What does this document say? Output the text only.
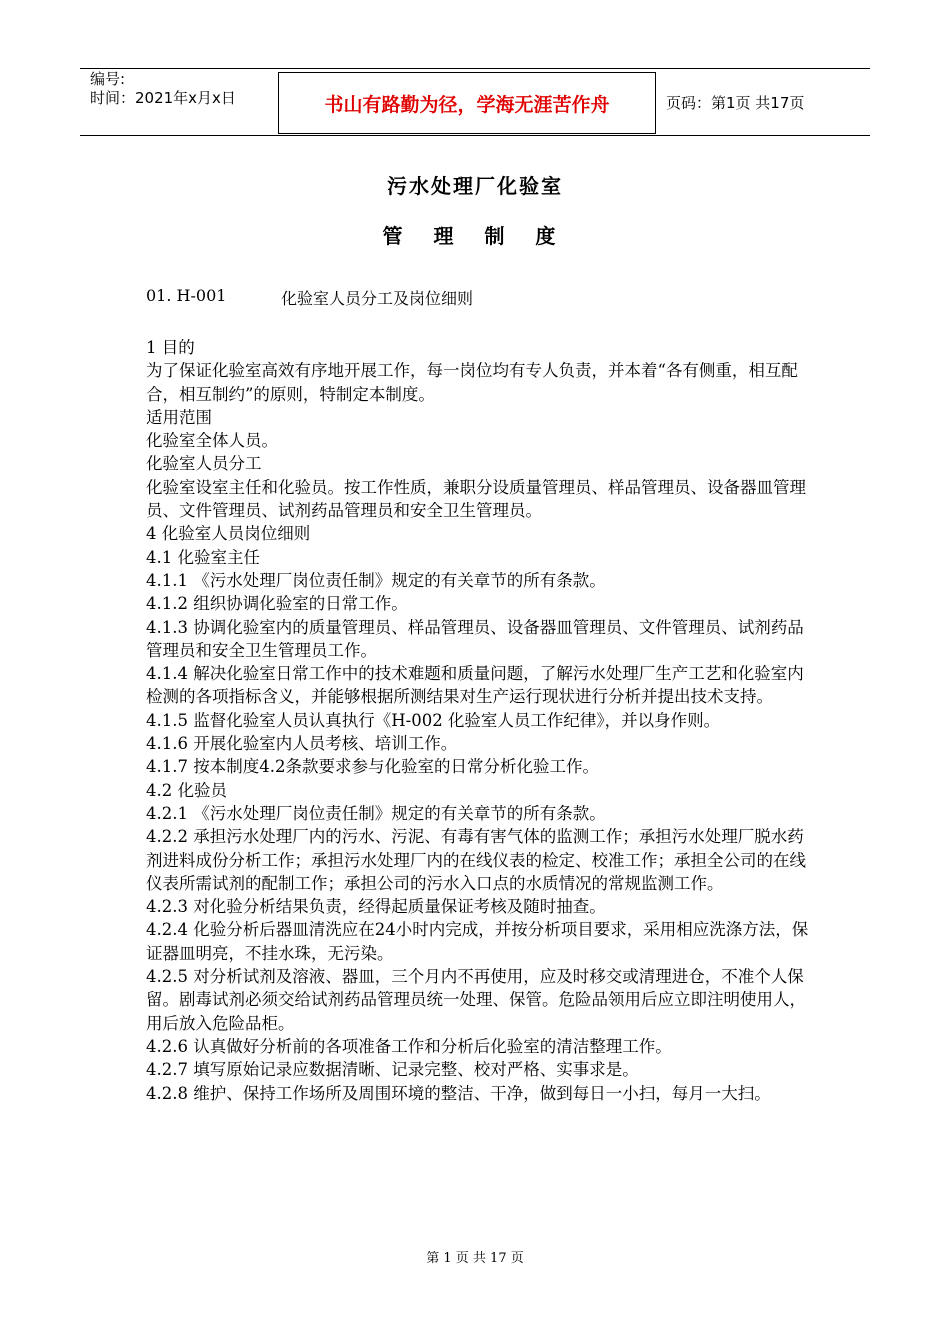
编号:
时间：2021年x月x日	书山有路勤为径，学海无涯苦作舟	页码：第1页 共17页
污水处理厂化验室
管 理 制 度
01. H-001	化验室人员分工及岗位细则

1 目的

为了保证化验室高效有序地开展工作，每一岗位均有专人负责，并本着“各有侧重，相互配合，相互制约”的原则，特制定本制度。

适用范围

化验室全体人员。

化验室人员分工

化验室设室主任和化验员。按工作性质，兼职分设质量管理员、样品管理员、设备器皿管理员、文件管理员、试剂药品管理员和安全卫生管理员。

4 化验室人员岗位细则

4.1 化验室主任

4.1.1 《污水处理厂岗位责任制》规定的有关章节的所有条款。

4.1.2 组织协调化验室的日常工作。

4.1.3 协调化验室内的质量管理员、样品管理员、设备器皿管理员、文件管理员、试剂药品管理员和安全卫生管理员工作。

4.1.4 解决化验室日常工作中的技术难题和质量问题，了解污水处理厂生产工艺和化验室内检测的各项指标含义，并能够根据所测结果对生产运行现状进行分析并提出技术支持。

4.1.5 监督化验室人员认真执行《H-002 化验室人员工作纪律》，并以身作则。

4.1.6 开展化验室内人员考核、培训工作。

4.1.7 按本制度4.2条款要求参与化验室的日常分析化验工作。

4.2 化验员

4.2.1 《污水处理厂岗位责任制》规定的有关章节的所有条款。

4.2.2 承担污水处理厂内的污水、污泥、有毒有害气体的监测工作；承担污水处理厂脱水药剂进料成份分析工作；承担污水处理厂内的在线仪表的检定、校准工作；承担全公司的在线仪表所需试剂的配制工作；承担公司的污水入口点的水质情况的常规监测工作。

4.2.3 对化验分析结果负责，经得起质量保证考核及随时抽查。

4.2.4 化验分析后器皿清洗应在24小时内完成，并按分析项目要求，采用相应洗涤方法，保证器皿明亮，不挂水珠，无污染。

4.2.5 对分析试剂及溶液、器皿，三个月内不再使用，应及时移交或清理进仓，不准个人保留。剧毒试剂必须交给试剂药品管理员统一处理、保管。危险品领用后应立即注明使用人，用后放入危险品柜。

4.2.6 认真做好分析前的各项准备工作和分析后化验室的清洁整理工作。

4.2.7 填写原始记录应数据清晰、记录完整、校对严格、实事求是。

4.2.8 维护、保持工作场所及周围环境的整洁、干净，做到每日一小扫，每月一大扫。

第 1 页 共 17 页
